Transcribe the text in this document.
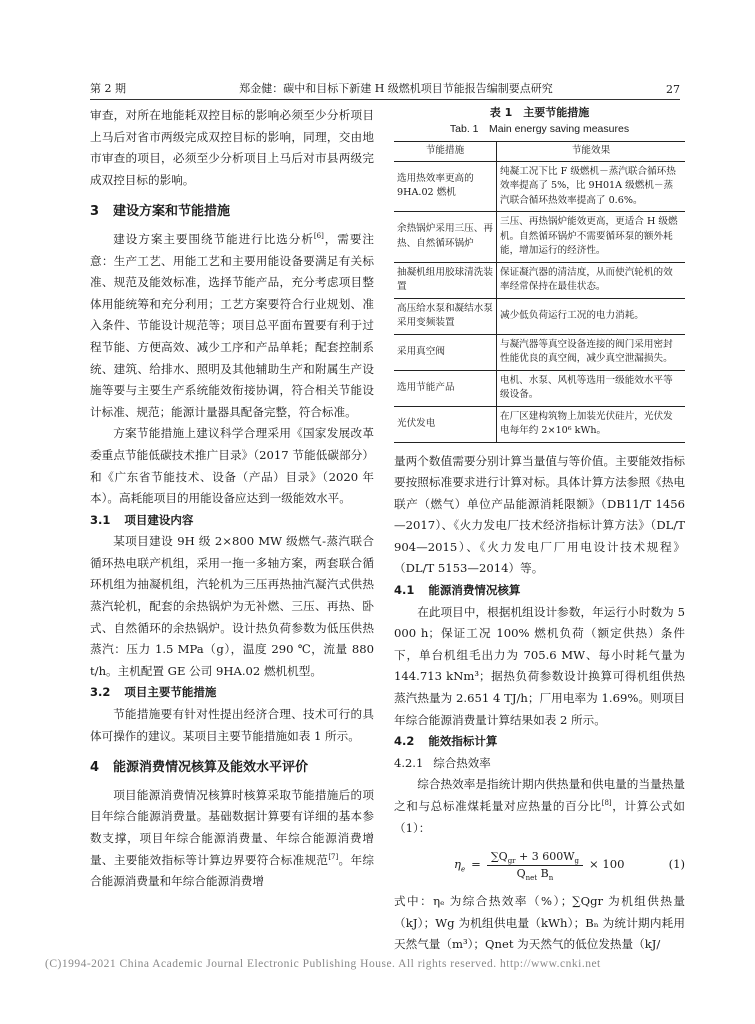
第 2 期	郑金健：碳中和目标下新建 H 级燃机项目节能报告编制要点研究	27

审查，对所在地能耗双控目标的影响必须至少分析项目上马后对省市两级完成双控目标的影响，同理，交由地市审查的项目，必须至少分析项目上马后对市县两级完成双控目标的影响。

3 建设方案和节能措施

建设方案主要围绕节能进行比选分析[6]，需要注意：生产工艺、用能工艺和主要用能设备要满足有关标准、规范及能效标准，选择节能产品，充分考虑项目整体用能统筹和充分利用；工艺方案要符合行业规划、准入条件、节能设计规范等；项目总平面布置要有利于过程节能、方便高效、减少工序和产品单耗；配套控制系统、建筑、给排水、照明及其他辅助生产和附属生产设施等要与主要生产系统能效衔接协调，符合相关节能设计标准、规范；能源计量器具配备完整，符合标准。

方案节能措施上建议科学合理采用《国家发展改革委重点节能低碳技术推广目录》（2017 节能低碳部分）和《广东省节能技术、设备（产品）目录》（2020 年本）。高耗能项目的用能设备应达到一级能效水平。

3.1 项目建设内容

某项目建设 9H 级 2×800 MW 级燃气-蒸汽联合循环热电联产机组，采用一拖一多轴方案，两套联合循环机组为抽凝机组，汽轮机为三压再热抽汽凝汽式供热蒸汽轮机，配套的余热锅炉为无补燃、三压、再热、卧式、自然循环的余热锅炉。设计热负荷参数为低压供热蒸汽：压力 1.5 MPa（g），温度 290 ℃，流量 880 t/h。主机配置 GE 公司 9HA.02 燃机机型。

3.2 项目主要节能措施

节能措施要有针对性提出经济合理、技术可行的具体可操作的建议。某项目主要节能措施如表 1 所示。

4 能源消费情况核算及能效水平评价

项目能源消费情况核算时核算采取节能措施后的项目年综合能源消费量。基础数据计算要有详细的基本参数支撑，项目年综合能源消费量、年综合能源消费增量、主要能效指标等计算边界要符合标准规范[7]。年综合能源消费量和年综合能源消费增

表 1　主要节能措施
Tab. 1　Main energy saving measures
节能措施	节能效果
选用热效率更高的 9HA.02 燃机	纯凝工况下比 F 级燃机－蒸汽联合循环热效率提高了 5%，比 9H01A 级燃机－蒸汽联合循环热效率提高了 0.6%。
余热锅炉采用三压、再热、自然循环锅炉	三压、再热锅炉能效更高，更适合 H 级燃机。自然循环锅炉不需要循环泵的额外耗能，增加运行的经济性。
抽凝机组用胶球清洗装置	保证凝汽器的清洁度，从而使汽轮机的效率经常保持在最佳状态。
高压给水泵和凝结水泵采用变频装置	减少低负荷运行工况的电力消耗。
采用真空阀	与凝汽器等真空设备连接的阀门采用密封性能优良的真空阀，减少真空泄漏损失。
选用节能产品	电机、水泵、风机等选用一级能效水平等级设备。
光伏发电	在厂区建构筑物上加装光伏硅片，光伏发电每年约 2×10⁶ kWh。

量两个数值需要分别计算当量值与等价值。主要能效指标要按照标准要求进行计算对标。具体计算方法参照《热电联产（燃气）单位产品能源消耗限额》（DB11/T 1456—2017）、《火力发电厂技术经济指标计算方法》（DL/T 904—2015）、《火力发电厂厂用电设计技术规程》（DL/T 5153—2014）等。

4.1 能源消费情况核算

在此项目中，根据机组设计参数，年运行小时数为 5 000 h；保证工况 100% 燃机负荷（额定供热）条件下，单台机组毛出力为 705.6 MW、每小时耗气量为 144.713 kNm³；据热负荷参数设计换算可得机组供热蒸汽热量为 2.651 4 TJ/h；厂用电率为 1.69%。则项目年综合能源消费量计算结果如表 2 所示。

4.2 能效指标计算
4.2.1 综合热效率

综合热效率是指统计期内供热量和供电量的当量热量之和与总标准煤耗量对应热量的百分比[8]，计算公式如（1）：

$\eta_e = \frac{\sum Q_{gr} + 3 600W_g}{Q_{net} B_n} \times 100$	(1)

式中：ηₑ 为综合热效率（%）；∑Qgr 为机组供热量（kJ）；Wg 为机组供电量（kWh）；Bₙ 为统计期内耗用天然气量（m³）；Qnet 为天然气的低位发热量（kJ/

(C)1994-2021 China Academic Journal Electronic Publishing House. All rights reserved. http://www.cnki.net
